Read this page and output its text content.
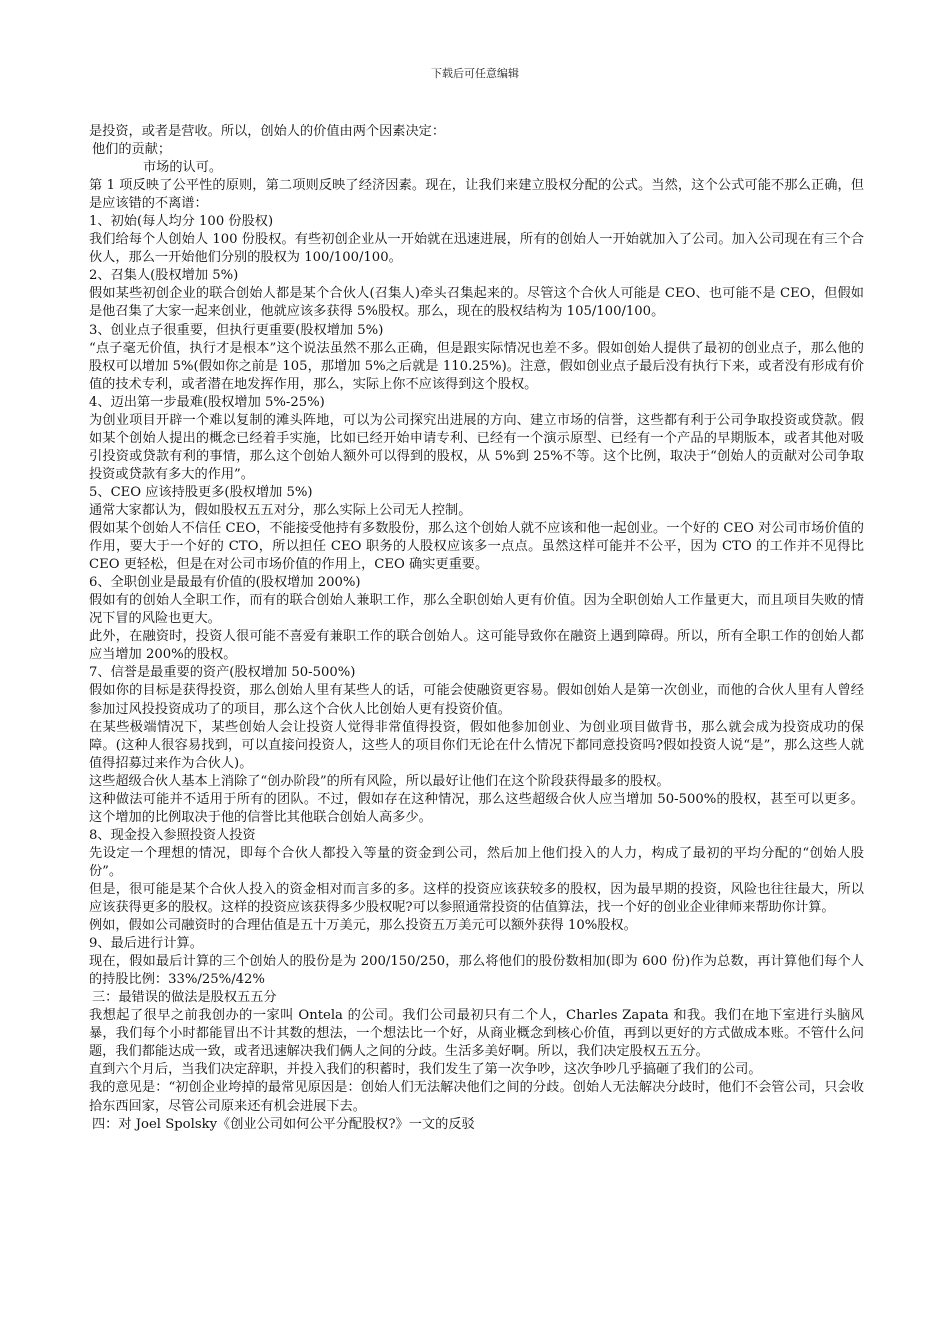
下载后可任意编辑

是投资，或者是营收。所以，创始人的价值由两个因素决定：

他们的贡献；

市场的认可。

第 1 项反映了公平性的原则，第二项则反映了经济因素。现在，让我们来建立股权分配的公式。当然，这个公式可能不那么正确，但是应该错的不离谱：

1、初始(每人均分 100 份股权)

我们给每个人创始人 100 份股权。有些初创企业从一开始就在迅速进展，所有的创始人一开始就加入了公司。加入公司现在有三个合伙人，那么一开始他们分别的股权为 100/100/100。

2、召集人(股权增加 5%)

假如某些初创企业的联合创始人都是某个合伙人(召集人)牵头召集起来的。尽管这个合伙人可能是 CEO、也可能不是 CEO，但假如是他召集了大家一起来创业，他就应该多获得 5%股权。那么，现在的股权结构为 105/100/100。

3、创业点子很重要，但执行更重要(股权增加 5%)

“点子毫无价值，执行才是根本”这个说法虽然不那么正确，但是跟实际情况也差不多。假如创始人提供了最初的创业点子，那么他的股权可以增加 5%(假如你之前是 105，那增加 5%之后就是 110.25%)。注意，假如创业点子最后没有执行下来，或者没有形成有价值的技术专利，或者潜在地发挥作用，那么，实际上你不应该得到这个股权。

4、迈出第一步最难(股权增加 5%-25%)

为创业项目开辟一个难以复制的滩头阵地，可以为公司探究出进展的方向、建立市场的信誉，这些都有利于公司争取投资或贷款。假如某个创始人提出的概念已经着手实施，比如已经开始申请专利、已经有一个演示原型、已经有一个产品的早期版本，或者其他对吸引投资或贷款有利的事情，那么这个创始人额外可以得到的股权，从 5%到 25%不等。这个比例，取决于“创始人的贡献对公司争取投资或贷款有多大的作用”。

5、CEO 应该持股更多(股权增加 5%)

通常大家都认为，假如股权五五对分，那么实际上公司无人控制。

假如某个创始人不信任 CEO，不能接受他持有多数股份，那么这个创始人就不应该和他一起创业。一个好的 CEO 对公司市场价值的作用，要大于一个好的 CTO，所以担任 CEO 职务的人股权应该多一点点。虽然这样可能并不公平，因为 CTO 的工作并不见得比 CEO 更轻松，但是在对公司市场价值的作用上，CEO 确实更重要。

6、全职创业是最最有价值的(股权增加 200%)

假如有的创始人全职工作，而有的联合创始人兼职工作，那么全职创始人更有价值。因为全职创始人工作量更大，而且项目失败的情况下冒的风险也更大。

此外，在融资时，投资人很可能不喜爱有兼职工作的联合创始人。这可能导致你在融资上遇到障碍。所以，所有全职工作的创始人都应当增加 200%的股权。

7、信誉是最重要的资产(股权增加 50-500%)

假如你的目标是获得投资，那么创始人里有某些人的话，可能会使融资更容易。假如创始人是第一次创业，而他的合伙人里有人曾经参加过风投投资成功了的项目，那么这个合伙人比创始人更有投资价值。

在某些极端情况下，某些创始人会让投资人觉得非常值得投资，假如他参加创业、为创业项目做背书，那么就会成为投资成功的保障。(这种人很容易找到，可以直接问投资人，这些人的项目你们无论在什么情况下都同意投资吗?假如投资人说“是”，那么这些人就值得招募过来作为合伙人)。

这些超级合伙人基本上消除了“创办阶段”的所有风险，所以最好让他们在这个阶段获得最多的股权。

这种做法可能并不适用于所有的团队。不过，假如存在这种情况，那么这些超级合伙人应当增加 50-500%的股权，甚至可以更多。这个增加的比例取决于他的信誉比其他联合创始人高多少。

8、现金投入参照投资人投资

先设定一个理想的情况，即每个合伙人都投入等量的资金到公司，然后加上他们投入的人力，构成了最初的平均分配的“创始人股份”。

但是，很可能是某个合伙人投入的资金相对而言多的多。这样的投资应该获较多的股权，因为最早期的投资，风险也往往最大，所以应该获得更多的股权。这样的投资应该获得多少股权呢?可以参照通常投资的估值算法，找一个好的创业企业律师来帮助你计算。

例如，假如公司融资时的合理估值是五十万美元，那么投资五万美元可以额外获得 10%股权。

9、最后进行计算。

现在，假如最后计算的三个创始人的股份是为 200/150/250，那么将他们的股份数相加(即为 600 份)作为总数，再计算他们每个人的持股比例：33%/25%/42%

三：最错误的做法是股权五五分

我想起了很早之前我创办的一家叫 Ontela 的公司。我们公司最初只有二个人，Charles Zapata 和我。我们在地下室进行头脑风暴，我们每个小时都能冒出不计其数的想法，一个想法比一个好，从商业概念到核心价值，再到以更好的方式做成本账。不管什么问题，我们都能达成一致，或者迅速解决我们俩人之间的分歧。生活多美好啊。所以，我们决定股权五五分。

直到六个月后，当我们决定辞职，并投入我们的积蓄时，我们发生了第一次争吵，这次争吵几乎搞砸了我们的公司。

我的意见是：“初创企业垮掉的最常见原因是：创始人们无法解决他们之间的分歧。创始人无法解决分歧时，他们不会管公司，只会收拾东西回家，尽管公司原来还有机会进展下去。

四：对 Joel Spolsky《创业公司如何公平分配股权?》一文的反驳
